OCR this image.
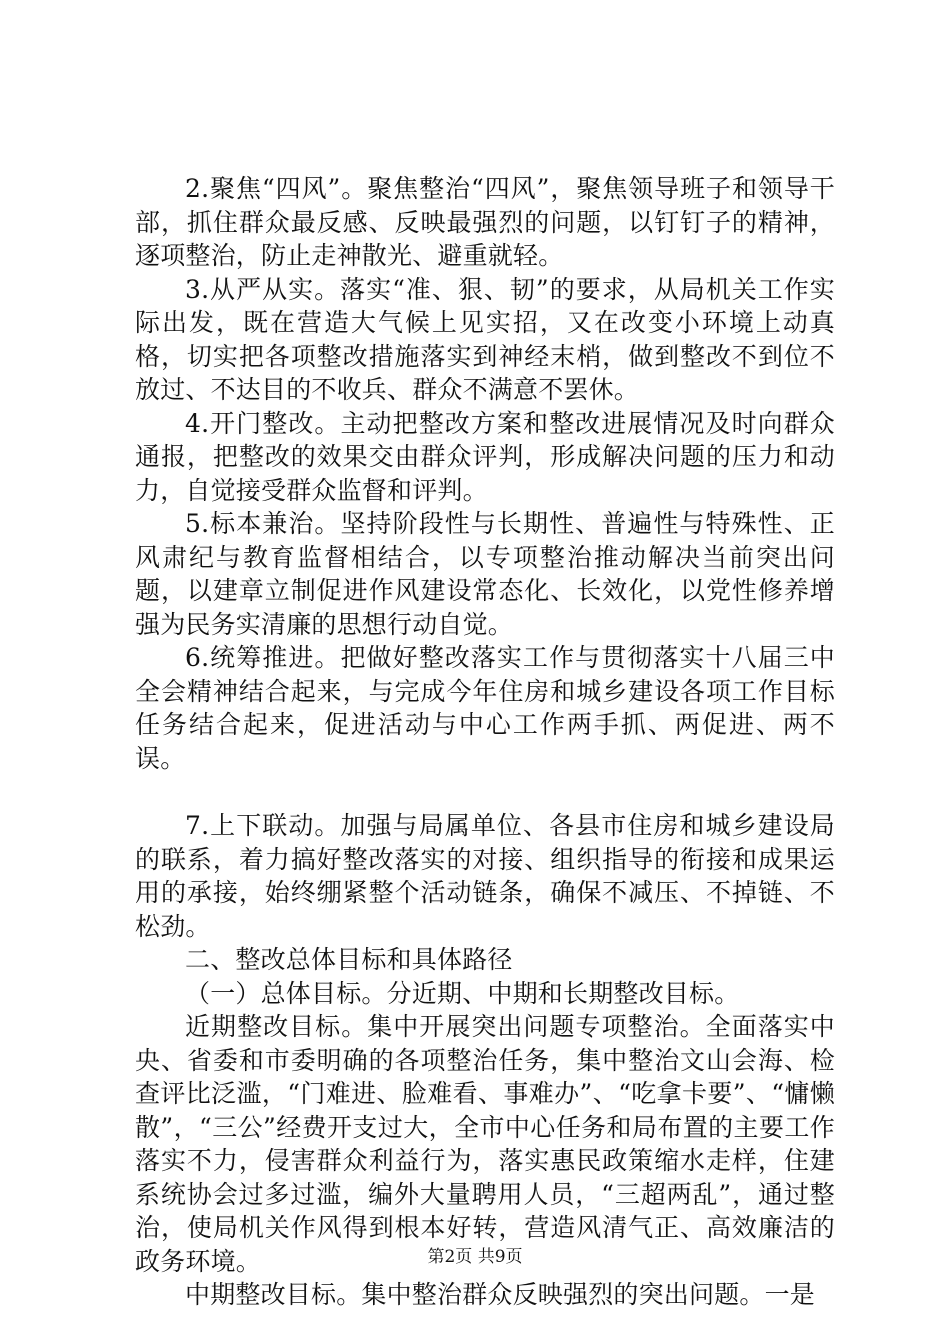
2.聚焦“四风”。聚焦整治“四风”，聚焦领导班子和领导干部，抓住群众最反感、反映最强烈的问题，以钉钉子的精神，逐项整治，防止走神散光、避重就轻。

3.从严从实。落实“准、狠、韧”的要求，从局机关工作实际出发，既在营造大气候上见实招，又在改变小环境上动真格，切实把各项整改措施落实到神经末梢，做到整改不到位不放过、不达目的不收兵、群众不满意不罢休。

4.开门整改。主动把整改方案和整改进展情况及时向群众通报，把整改的效果交由群众评判，形成解决问题的压力和动力，自觉接受群众监督和评判。

5.标本兼治。坚持阶段性与长期性、普遍性与特殊性、正风肃纪与教育监督相结合，以专项整治推动解决当前突出问题，以建章立制促进作风建设常态化、长效化，以党性修养增强为民务实清廉的思想行动自觉。

6.统筹推进。把做好整改落实工作与贯彻落实十八届三中全会精神结合起来，与完成今年住房和城乡建设各项工作目标任务结合起来，促进活动与中心工作两手抓、两促进、两不误。

7.上下联动。加强与局属单位、各县市住房和城乡建设局的联系，着力搞好整改落实的对接、组织指导的衔接和成果运用的承接，始终绷紧整个活动链条，确保不减压、不掉链、不松劲。

二、整改总体目标和具体路径

（一）总体目标。分近期、中期和长期整改目标。

近期整改目标。集中开展突出问题专项整治。全面落实中央、省委和市委明确的各项整治任务，集中整治文山会海、检查评比泛滥，“门难进、脸难看、事难办”、“吃拿卡要”、“慵懒散”，“三公”经费开支过大，全市中心任务和局布置的主要工作落实不力，侵害群众利益行为，落实惠民政策缩水走样，住建系统协会过多过滥，编外大量聘用人员，“三超两乱”，通过整治，使局机关作风得到根本好转，营造风清气正、高效廉洁的政务环境。

中期整改目标。集中整治群众反映强烈的突出问题。一是

第2页 共9页
